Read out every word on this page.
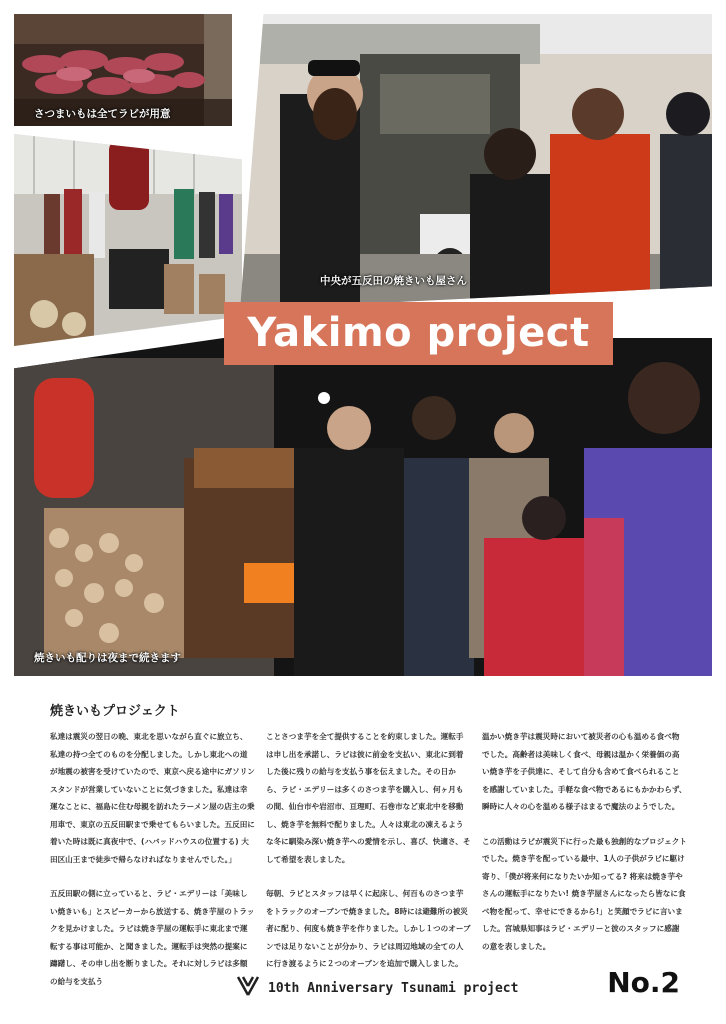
さつまいもは全てラビが用意
中央が五反田の焼きいも屋さん
焼きいも配りは夜まで続きます
Yakimo project
焼きいもプロジェクト

私達は震災の翌日の晩、東北を思いながら直ぐに旅立ち、私達の持つ全てのものを分配しました。しかし東北への道が地震の被害を受けていたので、東京へ戻る途中にガソリンスタンドが営業していないことに気づきました。私達は幸運なことに、福島に住む母親を訪れたラーメン屋の店主の乗用車で、東京の五反田駅まで乗せてもらいました。五反田に着いた時は既に真夜中で、(ハバッドハウスの位置する) 大田区山王まで徒歩で帰らなければなりませんでした。」

五反田駅の側に立っていると、ラビ・エデリーは「美味しい焼きいも」とスピーカーから放送する、焼き芋屋のトラックを見かけました。ラビは焼き芋屋の運転手に東北まで運転する事は可能か、と聞きました。運転手は突然の提案に躊躇し、その申し出を断りました。それに対しラビは多額の給与を支払う

ことさつま芋を全て提供することを約束しました。運転手は申し出を承諾し、ラビは彼に前金を支払い、東北に到着した後に残りの給与を支払う事を伝えました。その日から、ラビ・エデリーは多くのさつま芋を購入し、何ヶ月もの間、仙台市や岩沼市、亘理町、石巻市など東北中を移動し、焼き芋を無料で配りました。人々は東北の凍えるような冬に馴染み深い焼き芋への愛情を示し、喜び、快適さ、そして希望を表しました。

毎朝、ラビとスタッフは早くに起床し、何百ものさつま芋をトラックのオーブンで焼きました。8時には避難所の被災者に配り、何度も焼き芋を作りました。しかし１つのオーブンでは足りないことが分かり、ラビは周辺地域の全ての人に行き渡るように２つのオーブンを追加で購入しました。

温かい焼き芋は震災時において被災者の心も温める食べ物でした。高齢者は美味しく食べ、母親は温かく栄養価の高い焼き芋を子供達に、そして自分も含めて食べられることを感謝していました。手軽な食べ物であるにもかかわらず、瞬時に人々の心を温める様子はまるで魔法のようでした。

この活動はラビが震災下に行った最も独創的なプロジェクトでした。焼き芋を配っている最中、1人の子供がラビに駆け寄り、「僕が将来何になりたいか知ってる? 将来は焼き芋やさんの運転手になりたい! 焼き芋屋さんになったら皆なに食べ物を配って、幸せにできるから!」と笑顔でラビに言いました。宮城県知事はラビ・エデリーと彼のスタッフに感謝の意を表しました。

10th Anniversary Tsunami project	No.2
